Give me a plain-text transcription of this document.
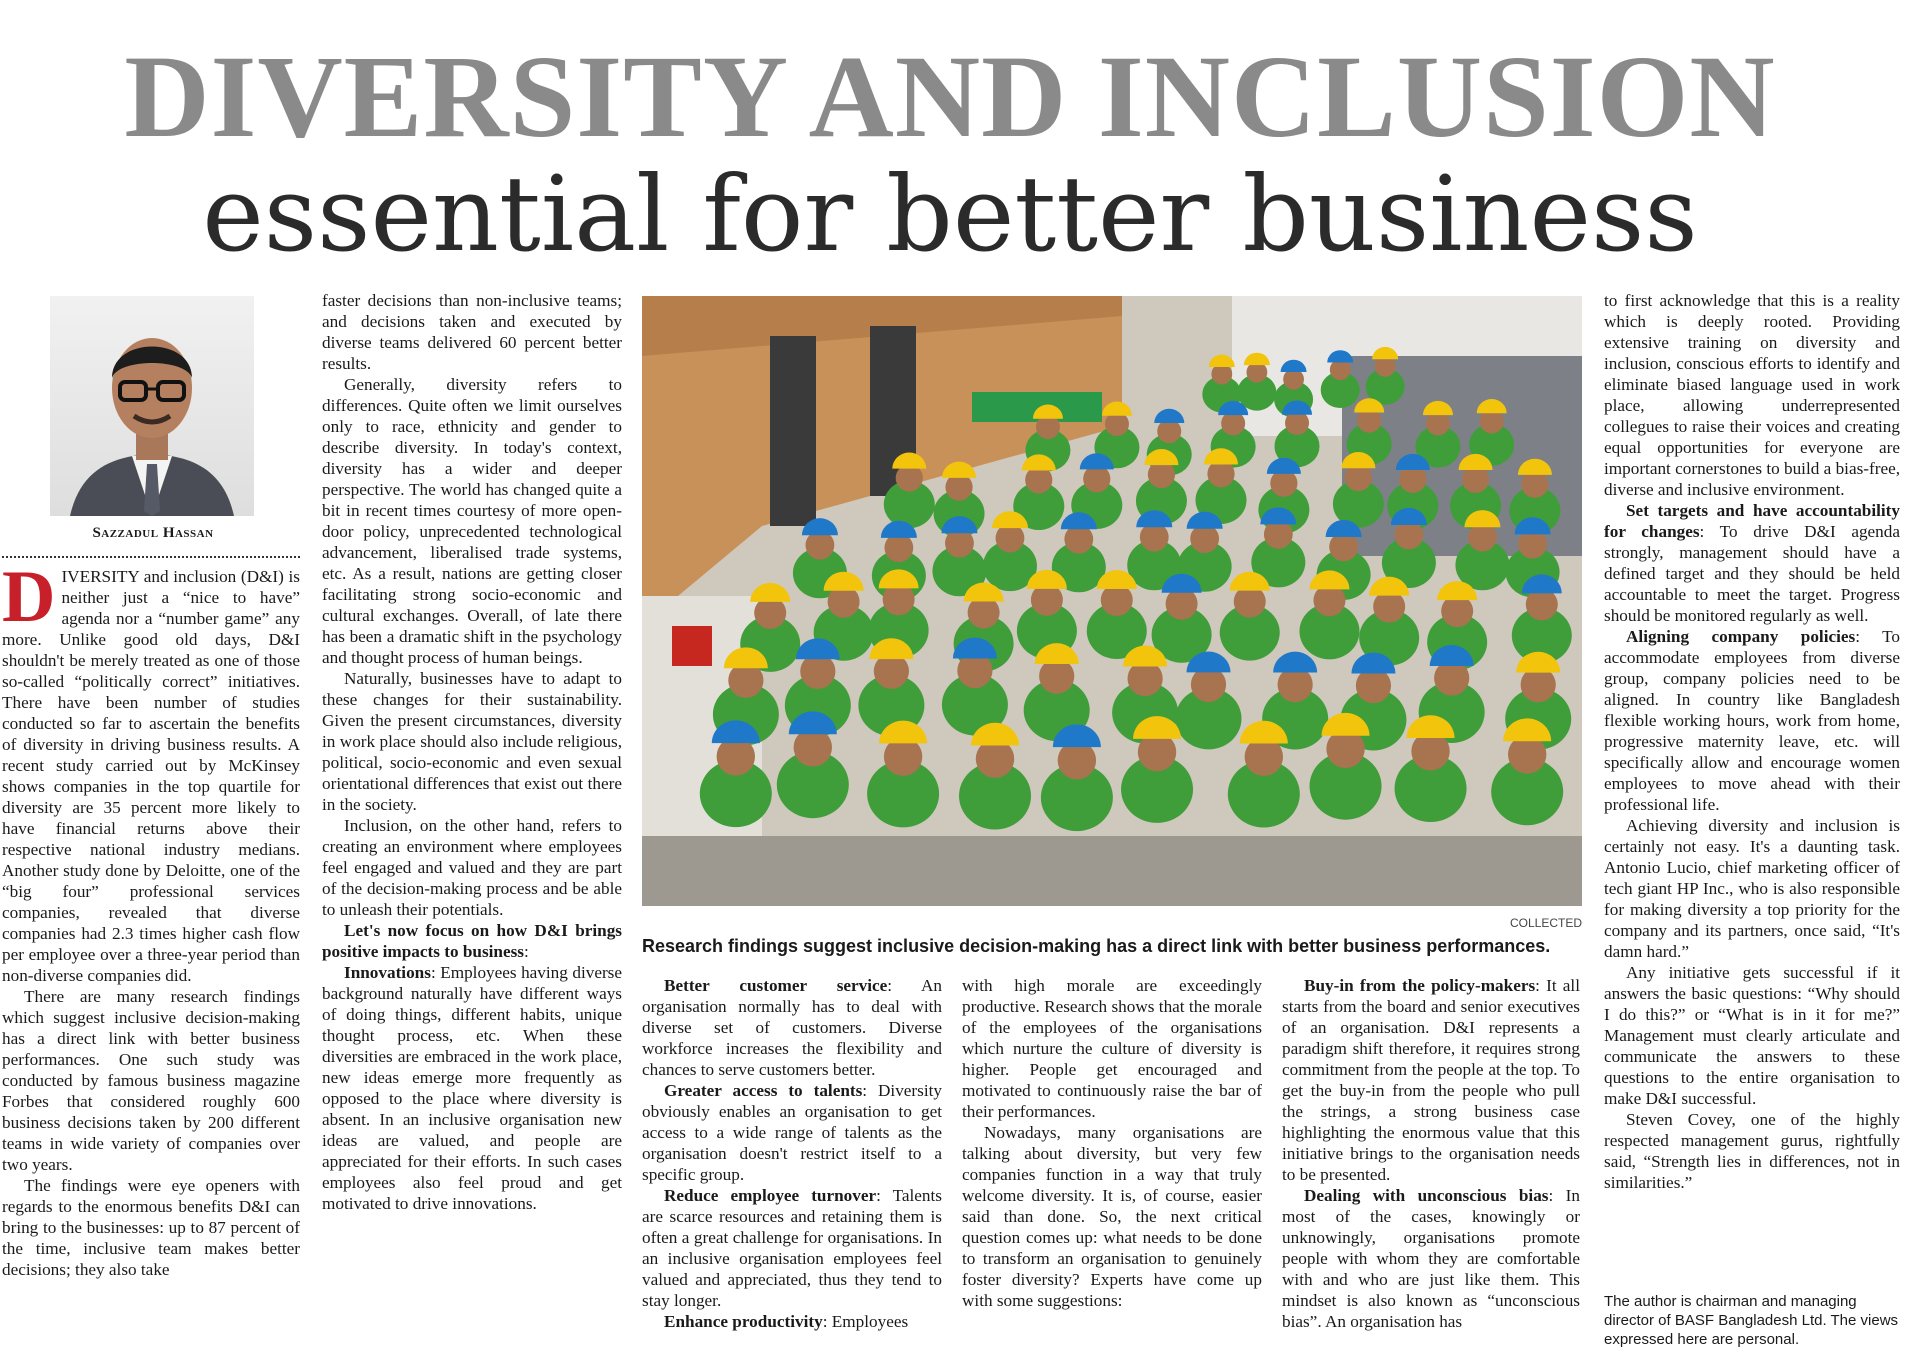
DIVERSITY AND INCLUSION
essential for better business
Sazzadul Hassan
D IVERSITY and inclusion (D&I) is neither just a “nice to have” agenda nor a “number game” any more. Unlike good old days, D&I shouldn't be merely treated as one of those so-called “politically correct” initiatives. There have been number of studies conducted so far to ascertain the benefits of diversity in driving business results. A recent study carried out by McKinsey shows companies in the top quartile for diversity are 35 percent more likely to have financial returns above their respective national industry medians. Another study done by Deloitte, one of the “big four” professional services companies, revealed that diverse companies had 2.3 times higher cash flow per employee over a three-year period than non-diverse companies did.

There are many research findings which suggest inclusive decision-making has a direct link with better business performances. One such study was conducted by famous business magazine Forbes that considered roughly 600 business decisions taken by 200 different teams in wide variety of companies over two years.

The findings were eye openers with regards to the enormous benefits D&I can bring to the businesses: up to 87 percent of the time, inclusive team makes better decisions; they also take

faster decisions than non-inclusive teams; and decisions taken and executed by diverse teams delivered 60 percent better results.

Generally, diversity refers to differences. Quite often we limit ourselves only to race, ethnicity and gender to describe diversity. In today's context, diversity has a wider and deeper perspective. The world has changed quite a bit in recent times courtesy of more open-door policy, unprecedented technological advancement, liberalised trade systems, etc. As a result, nations are getting closer facilitating strong socio-economic and cultural exchanges. Overall, of late there has been a dramatic shift in the psychology and thought process of human beings.

Naturally, businesses have to adapt to these changes for their sustainability. Given the present circumstances, diversity in work place should also include religious, political, socio-economic and even sexual orientational differences that exist out there in the society.

Inclusion, on the other hand, refers to creating an environment where employees feel engaged and valued and they are part of the decision-making process and be able to unleash their potentials.

Let's now focus on how D&I brings positive impacts to business:

Innovations: Employees having diverse background naturally have different ways of doing things, different habits, unique thought process, etc. When these diversities are embraced in the work place, new ideas emerge more frequently as opposed to the place where diversity is absent. In an inclusive organisation new ideas are valued, and people are appreciated for their efforts. In such cases employees also feel proud and get motivated to drive innovations.

COLLECTED
Research findings suggest inclusive decision-making has a direct link with better business performances.

Better customer service: An organisation normally has to deal with diverse set of customers. Diverse workforce increases the flexibility and chances to serve customers better.

Greater access to talents: Diversity obviously enables an organisation to get access to a wide range of talents as the organisation doesn't restrict itself to a specific group.

Reduce employee turnover: Talents are scarce resources and retaining them is often a great challenge for organisations. In an inclusive organisation employees feel valued and appreciated, thus they tend to stay longer.

Enhance productivity: Employees

with high morale are exceedingly productive. Research shows that the morale of the employees of the organisations which nurture the culture of diversity is higher. People get encouraged and motivated to continuously raise the bar of their performances.

Nowadays, many organisations are talking about diversity, but very few companies function in a way that truly welcome diversity. It is, of course, easier said than done. So, the next critical question comes up: what needs to be done to transform an organisation to genuinely foster diversity? Experts have come up with some suggestions:

Buy-in from the policy-makers: It all starts from the board and senior executives of an organisation. D&I represents a paradigm shift therefore, it requires strong commitment from the people at the top. To get the buy-in from the people who pull the strings, a strong business case highlighting the enormous value that this initiative brings to the organisation needs to be presented.

Dealing with unconscious bias: In most of the cases, knowingly or unknowingly, organisations promote people with whom they are comfortable with and who are just like them. This mindset is also known as “unconscious bias”. An organisation has

to first acknowledge that this is a reality which is deeply rooted. Providing extensive training on diversity and inclusion, conscious efforts to identify and eliminate biased language used in work place, allowing underrepresented collegues to raise their voices and creating equal opportunities for everyone are important cornerstones to build a bias-free, diverse and inclusive environment.

Set targets and have accountability for changes: To drive D&I agenda strongly, management should have a defined target and they should be held accountable to meet the target. Progress should be monitored regularly as well.

Aligning company policies: To accommodate employees from diverse group, company policies need to be aligned. In country like Bangladesh flexible working hours, work from home, progressive maternity leave, etc. will specifically allow and encourage women employees to move ahead with their professional life.

Achieving diversity and inclusion is certainly not easy. It's a daunting task. Antonio Lucio, chief marketing officer of tech giant HP Inc., who is also responsible for making diversity a top priority for the company and its partners, once said, “It's damn hard.”

Any initiative gets successful if it answers the basic questions: “Why should I do this?” or “What is in it for me?” Management must clearly articulate and communicate the answers to these questions to the entire organisation to make D&I successful.

Steven Covey, one of the highly respected management gurus, rightfully said, “Strength lies in differences, not in similarities.”

The author is chairman and managing director of BASF Bangladesh Ltd. The views expressed here are personal.
